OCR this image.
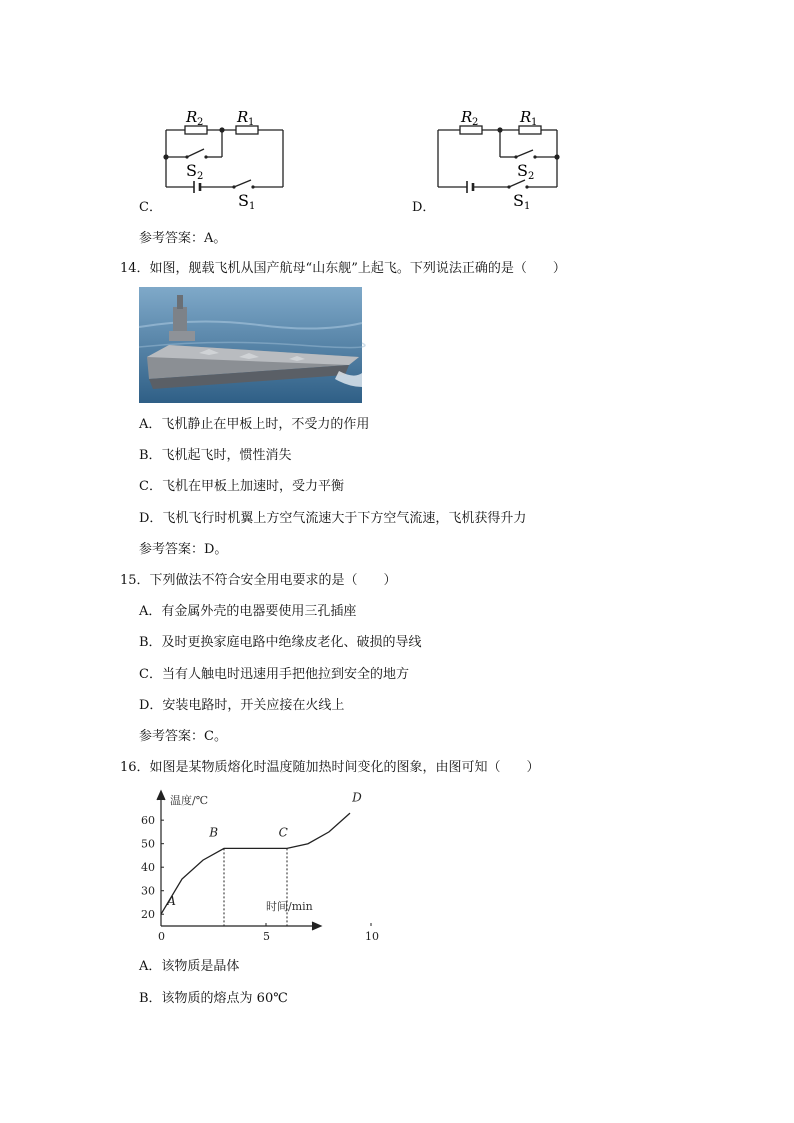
R 2 R 1
S 2
S 1
C．
R 2	R 1
S 2
S 1
D．
参考答案：A。
14．如图，舰载飞机从国产航母“山东舰”上起飞。下列说法正确的是（　　）
A．飞机静止在甲板上时，不受力的作用
B．飞机起飞时，惯性消失
C．飞机在甲板上加速时，受力平衡
D．飞机飞行时机翼上方空气流速大于下方空气流速，飞机获得升力
参考答案：D。
15．下列做法不符合安全用电要求的是（　　）
A．有金属外壳的电器要使用三孔插座
B．及时更换家庭电路中绝缘皮老化、破损的导线
C．当有人触电时迅速用手把他拉到安全的地方
D．安装电路时，开关应接在火线上
参考答案：C。
16．如图是某物质熔化时温度随加热时间变化的图象，由图可知（　　）
20
30
40
50
60
0	5	10
温度/℃
时间/min
A
B	C
D
A．该物质是晶体
B．该物质的熔点为 60℃
